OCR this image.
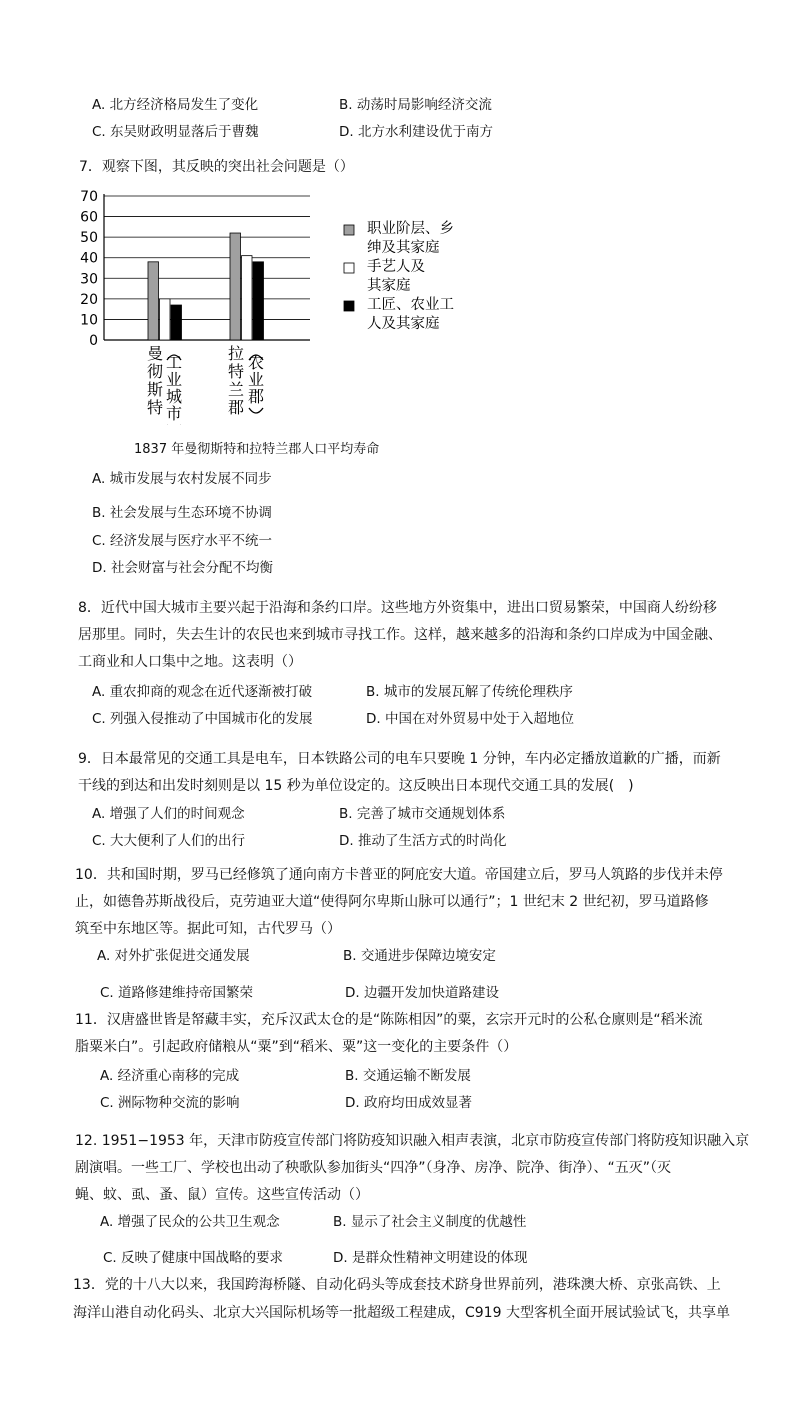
A. 北方经济格局发生了变化	B. 动荡时局影响经济交流
C. 东吴财政明显落后于曹魏	D. 北方水利建设优于南方
7．观察下图，其反映的突出社会问题是（）
0
10
20
30
40
50
60
70
曼
彻
斯
特
工
业
城
市
拉
特
兰
郡
农
业
郡
职业阶层、乡
绅及其家庭
手艺人及
其家庭
工匠、农业工
人及其家庭
1837 年曼彻斯特和拉特兰郡人口平均寿命
A. 城市发展与农村发展不同步
B. 社会发展与生态环境不协调
C. 经济发展与医疗水平不统一
D. 社会财富与社会分配不均衡
8．近代中国大城市主要兴起于沿海和条约口岸。这些地方外资集中，进出口贸易繁荣，中国商人纷纷移
居那里。同时，失去生计的农民也来到城市寻找工作。这样，越来越多的沿海和条约口岸成为中国金融、
工商业和人口集中之地。这表明（）
A. 重农抑商的观念在近代逐渐被打破	B. 城市的发展瓦解了传统伦理秩序
C. 列强入侵推动了中国城市化的发展	D. 中国在对外贸易中处于入超地位
9．日本最常见的交通工具是电车，日本铁路公司的电车只要晚 1 分钟，车内必定播放道歉的广播，而新
干线的到达和出发时刻则是以 15 秒为单位设定的。这反映出日本现代交通工具的发展(　)
A. 增强了人们的时间观念	B. 完善了城市交通规划体系
C. 大大便利了人们的出行	D. 推动了生活方式的时尚化
10．共和国时期，罗马已经修筑了通向南方卡普亚的阿庇安大道。帝国建立后，罗马人筑路的步伐并未停
止，如德鲁苏斯战役后，克劳迪亚大道“使得阿尔卑斯山脉可以通行”；1 世纪末 2 世纪初，罗马道路修
筑至中东地区等。据此可知，古代罗马（）
A. 对外扩张促进交通发展	B. 交通进步保障边境安定
C. 道路修建维持帝国繁荣	D. 边疆开发加快道路建设
11．汉唐盛世皆是帑藏丰实，充斥汉武太仓的是“陈陈相因”的粟，玄宗开元时的公私仓廪则是“稻米流
脂粟米白”。引起政府储粮从“粟”到“稻米、粟”这一变化的主要条件（）
A. 经济重心南移的完成	B. 交通运输不断发展
C. 洲际物种交流的影响	D. 政府均田成效显著
12. 1951−1953 年，天津市防疫宣传部门将防疫知识融入相声表演，北京市防疫宣传部门将防疫知识融入京
剧演唱。一些工厂、学校也出动了秧歌队参加街头“四净”（身净、房净、院净、街净）、“五灭”（灭
蝇、蚊、虱、蚤、鼠）宣传。这些宣传活动（）
A. 增强了民众的公共卫生观念	B. 显示了社会主义制度的优越性
C. 反映了健康中国战略的要求	D. 是群众性精神文明建设的体现
13．党的十八大以来，我国跨海桥隧、自动化码头等成套技术跻身世界前列，港珠澳大桥、京张高铁、上
海洋山港自动化码头、北京大兴国际机场等一批超级工程建成，C919 大型客机全面开展试验试飞，共享单
